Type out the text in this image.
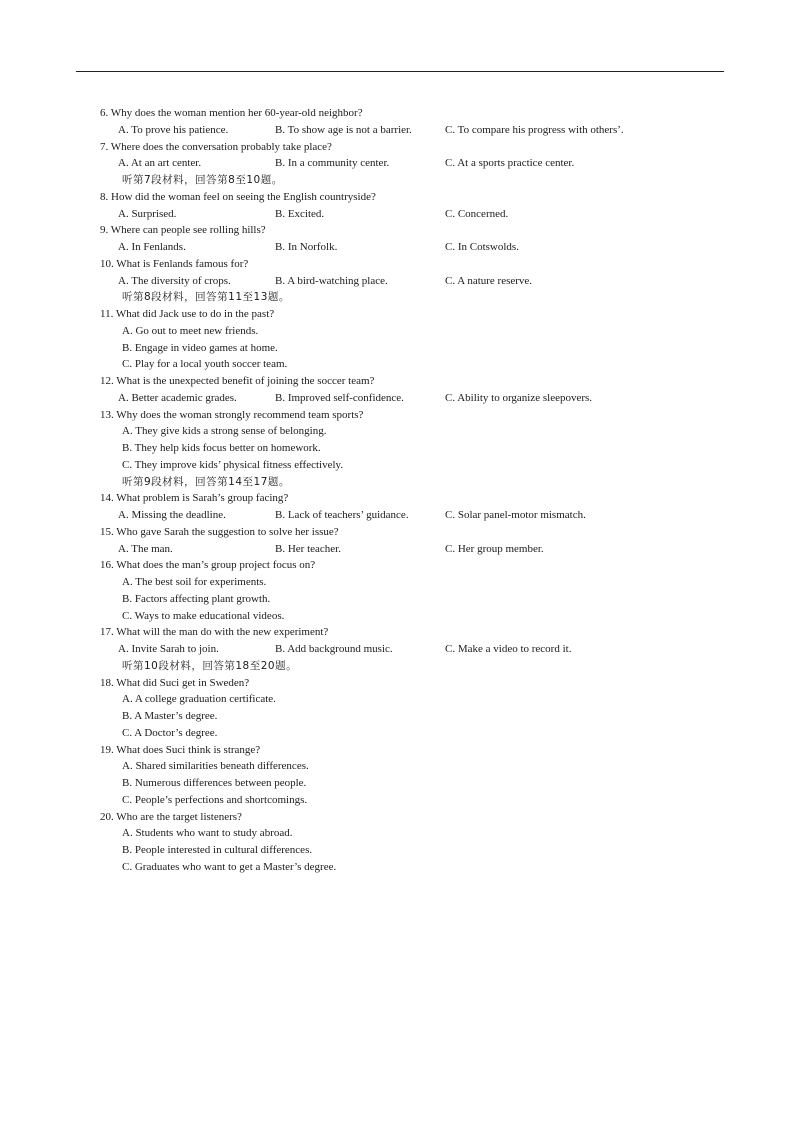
6. Why does the woman mention her 60-year-old neighbor?
A. To prove his patience.	B. To show age is not a barrier.	C. To compare his progress with others’.
7. Where does the conversation probably take place?
A. At an art center.	B. In a community center.	C. At a sports practice center.
听第7段材料，回答第8至10题。
8. How did the woman feel on seeing the English countryside?
A. Surprised.	B. Excited.	C. Concerned.
9. Where can people see rolling hills?
A. In Fenlands.	B. In Norfolk.	C. In Cotswolds.
10. What is Fenlands famous for?
A. The diversity of crops.	B. A bird-watching place.	C. A nature reserve.
听第8段材料，回答第11至13题。
11. What did Jack use to do in the past?
A. Go out to meet new friends.
B. Engage in video games at home.
C. Play for a local youth soccer team.
12. What is the unexpected benefit of joining the soccer team?
A. Better academic grades.	B. Improved self-confidence.	C. Ability to organize sleepovers.
13. Why does the woman strongly recommend team sports?
A. They give kids a strong sense of belonging.
B. They help kids focus better on homework.
C. They improve kids’ physical fitness effectively.
听第9段材料，回答第14至17题。
14. What problem is Sarah’s group facing?
A. Missing the deadline.	B. Lack of teachers’ guidance.	C. Solar panel-motor mismatch.
15. Who gave Sarah the suggestion to solve her issue?
A. The man.	B. Her teacher.	C. Her group member.
16. What does the man’s group project focus on?
A. The best soil for experiments.
B. Factors affecting plant growth.
C. Ways to make educational videos.
17. What will the man do with the new experiment?
A. Invite Sarah to join.	B. Add background music.	C. Make a video to record it.
听第10段材料，回答第18至20题。
18. What did Suci get in Sweden?
A. A college graduation certificate.
B. A Master’s degree.
C. A Doctor’s degree.
19. What does Suci think is strange?
A. Shared similarities beneath differences.
B. Numerous differences between people.
C. People’s perfections and shortcomings.
20. Who are the target listeners?
A. Students who want to study abroad.
B. People interested in cultural differences.
C. Graduates who want to get a Master’s degree.
